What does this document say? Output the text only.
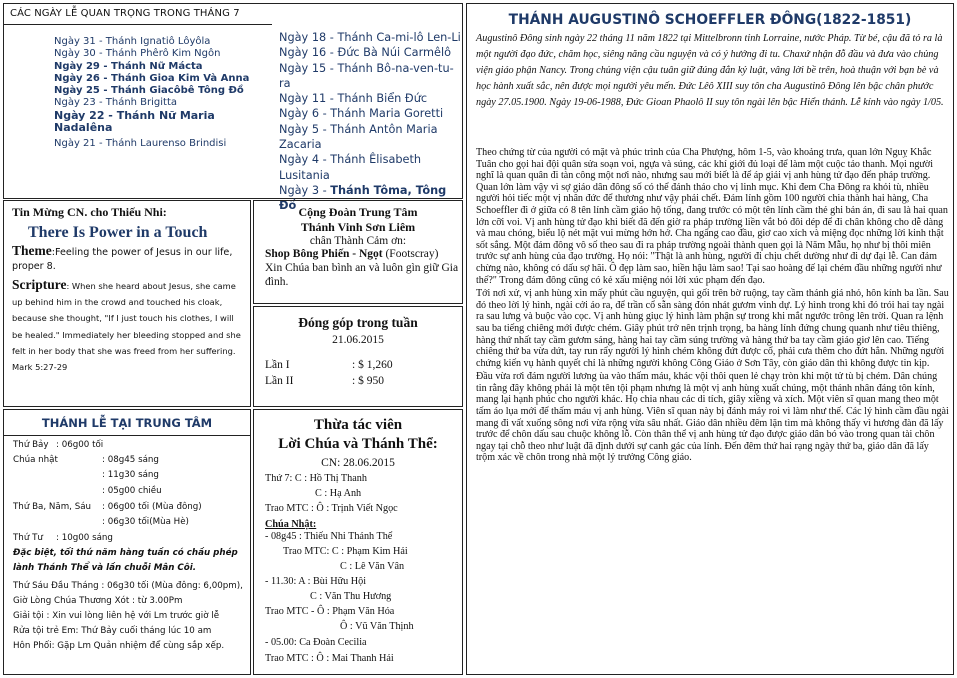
CÁC NGÀY LỄ QUAN TRỌNG TRONG THÁNG 7
Ngày 31 - Thánh Ignatiô Lôyôla
Ngày 30 - Thánh Phêrô Kim Ngôn
Ngày 29 - Thánh Nữ Mácta
Ngày 26 - Thánh Gioa Kim Và Anna
Ngày 25 - Thánh Giacôbê Tông Đồ
Ngày 23 - Thánh Brigitta
Ngày 22 - Thánh Nữ Maria Nadalêna
Ngày 21 - Thánh Laurenso Brindisi
Ngày 18 - Thánh Ca-mi-lô Len-Li
Ngày 16 - Đức Bà Núi Carmêlô
Ngày 15 - Thánh Bô-na-ven-tu-ra
Ngày 11 - Thánh Biển Đức
Ngày 6 - Thánh Maria Goretti
Ngày 5 - Thánh Antôn Maria Zacaria
Ngày 4 - Thánh Êlisabeth Lusitania
Ngày 3 - Thánh Tôma, Tông Đồ
Tin Mừng CN. cho Thiếu Nhi:
There Is Power in a Touch
Theme:Feeling the power of Jesus in our life, proper 8.
Scripture: When she heard about Jesus, she came up behind him in the crowd and touched his cloak, because she thought, "If I just touch his clothes, I will be healed." Immediately her bleeding stopped and she felt in her body that she was freed from her suffering. Mark 5:27-29
THÁNH LỄ TẠI TRUNG TÂM
Thứ Bảy : 06g00 tối
Chúa nhật	: 08g45 sáng
: 11g30 sáng
: 05g00 chiều
Thứ Ba, Năm, Sáu : 06g00 tối (Mùa đông)
: 06g30 tối(Mùa Hè)
Thứ Tư : 10g00 sáng
Đặc biệt, tối thứ năm hàng tuần có chầu phép lành Thánh Thể và lần chuỗi Mân Côi.
Thứ Sáu Đầu Tháng : 06g30 tối (Mùa đông: 6,00pm), Giờ Lòng Chúa Thương Xót : từ 3.00Pm
Giải tội : Xin vui lòng liên hệ với Lm trước giờ lễ
Rửa tội trẻ Em: Thứ Bảy cuối tháng lúc 10 am
Hôn Phối: Gặp Lm Quản nhiệm để cùng sắp xếp.
Cộng Đoàn Trung Tâm
Thánh Vinh Sơn Liêm
chân Thành Cảm ơn:
Shop Bông Phiến - Ngọt (Footscray)
Xin Chúa ban bình an và luôn gìn giữ Gia đình.
Đóng góp trong tuần
21.06.2015
Lần I	: $ 1,260
Lần II	: $ 950
Thừa tác viên
Lời Chúa và Thánh Thể:
CN: 28.06.2015
Thứ 7: C : Hồ Thị Thanh
C : Hạ Anh
Trao MTC : Ô : Trịnh Viết Ngọc
Chúa Nhật:
- 08g45 : Thiếu Nhi Thánh Thể
Trao MTC: C : Phạm Kim Hải
C : Lê Văn Vân
- 11.30: A : Bùi Hữu Hội
C : Văn Thu Hương
Trao MTC - Ô : Phạm Văn Hóa
Ô : Vũ Văn Thịnh
- 05.00: Ca Đoàn Cecilia
Trao MTC : Ô : Mai Thanh Hải
THÁNH AUGUSTINÔ SCHOEFFLER ĐÔNG(1822-1851)
Augustinô Đông sinh ngày 22 tháng 11 năm 1822 tại Mittelbronn tỉnh Lorraine, nước Pháp. Từ bé, cậu đã tỏ ra là một người đạo đức, chăm học, siêng năng cầu nguyện và có ý hướng đi tu. Chaxứ nhận đỗ đầu và đưa vào chủng viện giáo phận Nancy. Trong chủng viện cậu tuân giữ đúng đắn kỷ luật, vâng lời bề trên, hoà thuận với bạn bè và học hành xuất sắc, nên được mọi người yêu mến. Đức Lêô XIII suy tôn cha Augustinô Đông lên bậc chân phước ngày 27.05.1900. Ngày 19-06-1988, Đức Gioan Phaolô II suy tôn ngài lên bậc Hiển thánh. Lễ kính vào ngày 1/05.

Theo chứng từ của người có mặt và phúc trình của Cha Phượng, hôm 1-5, vào khoảng trưa, quan lớn Nguỵ Khắc Tuân cho gọi hai đội quân sửa soạn voi, ngựa và súng, các khí giới đủ loại để làm một cuộc tảo thanh. Mọi người nghĩ là quan quân đi tàn công một nơi nào, nhưng sau mới biết là để áp giải vị anh hùng tử đạo đến pháp trường. Quan lớn làm vậy vì sợ giáo dân đông số có thể đánh tháo cho vị linh mục. Khi đem Cha Đông ra khỏi tù, nhiều người hỏi tiếc một vị nhân đức để thương như vậy phải chết. Đám lính gồm 100 người chia thành hai hàng, Cha Schoeffler đi ở giữa có 8 tên lính cầm giáo hộ tống, đang trước có một tên lính cầm thẻ ghi bản án, đi sau là hai quan lớn cỡi voi. Vị anh hùng tử đạo khi biết đã đến giờ ra pháp trường liền vắt bỏ đôi dép để đi chân không cho dễ dàng và mau chóng, biểu lộ nét mặt vui mừng hớn hở. Cha ngẩng cao đầu, giơ cao xích và miệng đọc những lời kinh thật sốt sắng. Một đám đông vô số theo sau đi ra pháp trường ngoài thành quen gọi là Năm Mẫu, họ như bị thôi miên trước sự anh hùng của đạo trường. Họ nói: "Thật là anh hùng, người đi chịu chết dường như đi dự đại lễ. Can đảm chừng nào, không có dấu sợ hãi. Ô đẹp làm sao, hiền hậu làm sao! Tại sao hoàng đế lại chém đầu những người như thế?" Trong đám đông cũng có kẻ xấu miệng nói lời xúc phạm đến đạo.

Tới nơi xử, vị anh hùng xin mấy phút cầu nguyện, quì gối trên bờ ruộng, tay cầm thánh giá nhỏ, hôn kính ba lần. Sau đó theo lời lý hình, ngài cởi áo ra, để trần cổ sẵn sàng đón nhát gươm vinh dự. Lý hình trong khi đó trói hai tay ngài ra sau lưng và buộc vào cọc. Vị anh hùng giục lý hình làm phận sự trong khi mắt ngước trông lên trời. Quan ra lệnh sau ba tiếng chiêng mới được chém. Giây phút trở nên trịnh trọng, ba hàng lính đứng chung quanh như tiêu thiêng, hàng thứ nhất tay cầm gươm sáng, hàng hai tay cầm súng trường và hàng thứ ba tay cầm giáo giơ lên cao. Tiếng chiêng thứ ba vừa dứt, tay run rẩy người lý hình chém không đứt được cổ, phải cưa thêm cho đứt hẳn. Những người chứng kiến vụ hành quyết chỉ là những người không Công Giáo ở Sơn Tây, còn giáo dân thì không được tin kịp.

Đầu vừa rơi đám người lương ùa vào thấm máu, khác vội thôi quen lẻ chạy tròn khi một tử tù bị chém. Dân chúng tin rằng đây không phải là một tên tội phạm nhưng là một vị anh hùng xuất chúng, một thánh nhân đáng tôn kính, mang lại hạnh phúc cho người khác. Họ chia nhau các di tích, giây xiềng và xích. Một viên sĩ quan mang theo một tấm áo lụa mới để thấm máu vị anh hùng. Viên sĩ quan này bị đánh máy roi vì làm như thế. Các lý hình cầm đầu ngài mang đi vất xuống sông nơi vừa rộng vừa sâu nhất. Giáo dân nhiều đêm lặn tìm mà không thấy vì hương đàn đã lấy trước để chôn dấu sau chuộc không lỗ. Còn thân thể vị anh hùng tử đạo được giáo dân bó vào trong quan tài chôn ngay tại chỗ theo như luật đã định dưới sự canh gác của lính. Đến đêm thứ hai rạng ngày thứ ba, giáo dân đã lấy trộm xác về chôn trong nhà một lý trưởng Công giáo.
